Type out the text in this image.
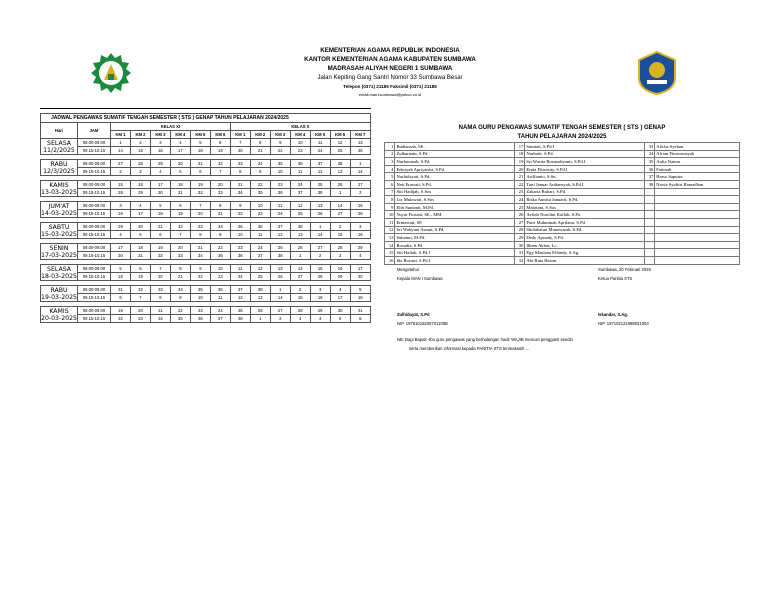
KEMENTERIAN AGAMA REPUBLIK INDONESIA
KANTOR KEMENTERIAN AGAMA KABUPATEN SUMBAWA
MADRASAH ALIYAH NEGERI 1 SUMBAWA
Jalan Kepiting Gang Santri Nomor 33 Sumbawa Besar
Telepon (0371) 21185 Faksimil (0371) 21185
email:man1sumbawa@yahoo.co.id
JADWAL PENGAWAS SUMATIF TENGAH SEMESTER ( STS ) GENAP TAHUN PELAJARAN 2024/2025														
Hari	JAM	KELAS XI						KELAS X						
		KM 1	KM 2	KM 3	KM 4	KM 5	KM 6	KM 1	KM 2	KM 3	KM 4	KM 5	KM 6	KM 7

SELASA
11/2/2025	08.00-09.00	1	2	3	4	5	6	7	8	9	10	11	12	13
	09.15-10.15	14	15	16	17	18	19	20	21	22	23	24	25	26

RABU
12/3/2025	08.00-09.00	27	28	29	30	31	32	33	34	35	36	37	38	1
	09.15-10.15	2	3	4	5	6	7	8	9	10	11	12	13	14

KAMIS
13-03-2025	08.00-09.00	15	16	17	18	19	20	21	22	23	24	25	26	27
	09.15-10.15	28	29	30	31	32	33	34	35	36	37	38	1	2

JUM'AT
14-03-2025	08.00-09.00	3	4	5	6	7	8	9	10	11	12	13	14	15
	09.15-10.15	16	17	18	19	20	21	22	23	24	25	26	27	28

SABTU
15-03-2025	08.00-09.00	29	30	31	32	33	34	35	36	37	38	1	2	3
	09.15-10.15	4	5	6	7	8	9	10	11	12	13	14	15	16

SENIN
17-03-2025	08.00-09.00	17	18	19	20	21	22	23	24	25	26	27	28	29
	09.15-10.15	30	31	32	33	34	35	36	37	38	1	2	3	4

SELASA
18-03-2025	08.00-09.00	5	6	7	8	9	10	11	12	13	14	15	16	17
	09.15-10.15	18	19	20	21	22	23	24	25	26	27	28	29	30

RABU
19-03-2025	08.00-09.00	31	32	33	34	35	36	37	38	1	2	3	4	5
	09.15-10.15	6	7	8	9	10	11	12	13	14	15	16	17	18

KAMIS
20-03-2025	08.00-09.00	19	20	21	22	23	24	25	26	27	28	29	30	31
	09.15-10.15	32	33	34	35	36	37	38	1	2	3	4	5	6
NAMA GURU PENGAWAS SUMATIF TENGAH SEMESTER ( STS ) GENAP
TAHUN PELAJARAN 2024/2025
1	Budiansah, SE.	17	Sumiati, S.Pd.I	33	Alicha Syehan
2	Zulkarnain, S.Pd	18	Nurbaiti, S.Pd.	34	Afrian Fitrawansyah
3	Nurhasanah, S.Pd.	19	Sri Wasita Rosmadiyanti, S.Pd.I	35	Aulia Natura
4	Febriyah Apriyanisi, S.Pd.	20	Ernia Fitroisity, S.Pd.I	36	Fatimah
5	Nurhidayati, S.Pd.	21	Ariffianto, S.Sn.	37	Harso Saputra
6	Neti Erawati, S.Pd.	22	Toni Januar Ardiansyah, S.Pd.I	38	Novia Syafitri Ramadhan
7	Siti Hadijah, S.Sos	23	Zakaria Buhari, S.Pd.		
8	Liz Mulawati, S.Sos	24	Riska Annisa Januarti, S.Pd.		
9	Elin Sunianti, M.Pd.	25	Mahriani, S.Sos		
10	Yuyut Fitriani, SE., MM.	26	Aefiah Nurolini Kaffah, S.Pu		
11	Ermawati, SP.	27	Putri Mukminah Aprilaini, S.Pd		
12	Sri Wahyuni Asnuti, S.Pd.	28	Shobihatun Munawarah, S.Pd.		
13	Suhaimi, M.Pd.	29	Dedy Apriady, S.Pd.		
14	Rosudia, S.Pd.	30	Ilham Akbar, Lc.		
15	Siti Hafiah, S.Pd.I	31	Egy Maulana Effandy, S.Ag.		
16	Ida Royani, S.Pd.I	32	Abi Bina Hasim		
Mengetahui
Kepala MAN I Sumbawa
Zulhidayat, S.Pd
NIP. 19781018200701105B
Sumbawa, 20 Februari 2025
Ketua Panitia STS
Iskandar, S.Ag.
NIP. 197102121998031003
NB: Bagi Bapak -Ibu guru pengawas yang berhalangan hadir WAJIB mencari pengganti sendiri
serta memberikan informasi kepada PANITIA STS terimakasih ...
